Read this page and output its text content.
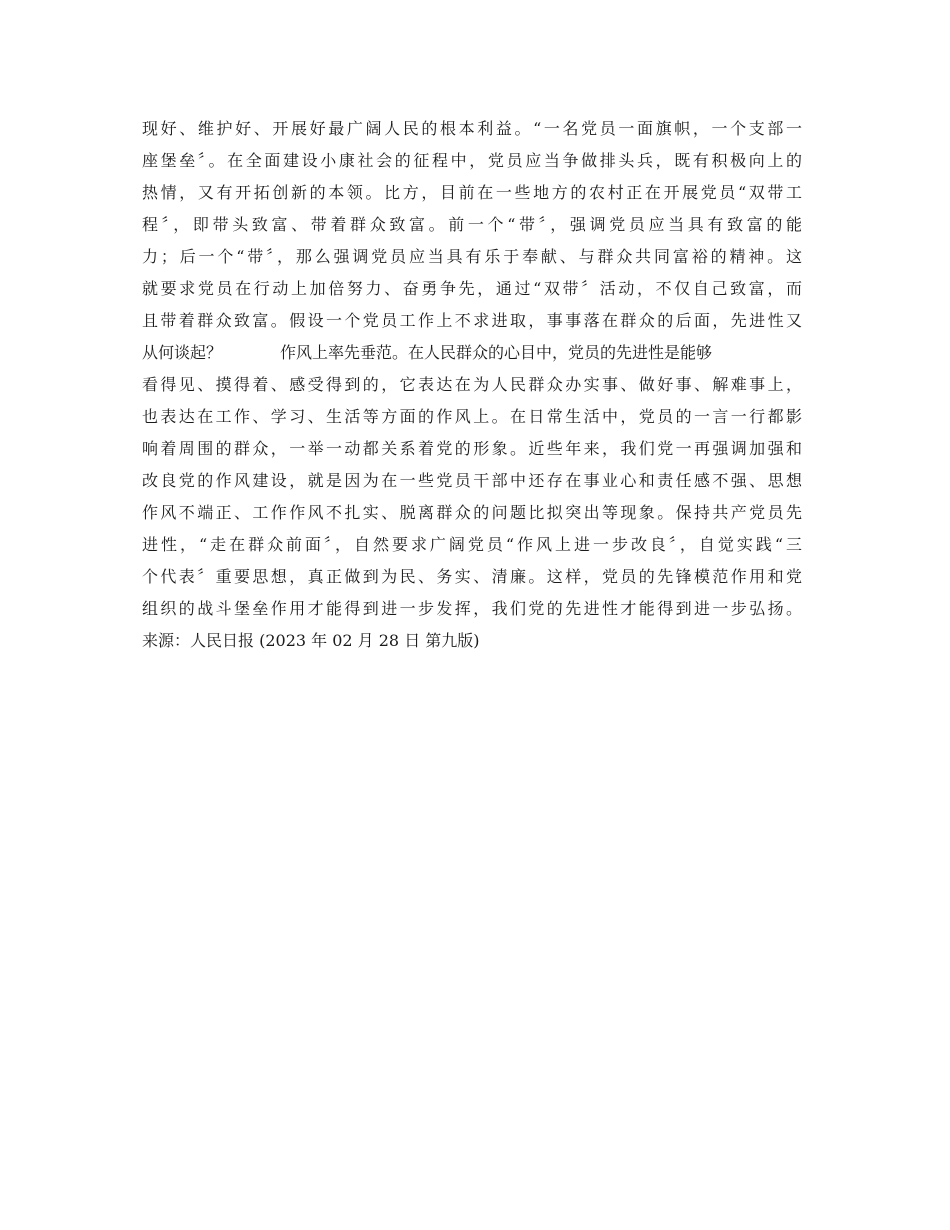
现好、维护好、开展好最广阔人民的根本利益。“一名党员一面旗帜，一个支部一
座堡垒〞。在全面建设小康社会的征程中，党员应当争做排头兵，既有积极向上的
热情，又有开拓创新的本领。比方，目前在一些地方的农村正在开展党员“双带工
程〞，即带头致富、带着群众致富。前一个“带〞，强调党员应当具有致富的能
力；后一个“带〞，那么强调党员应当具有乐于奉献、与群众共同富裕的精神。这
就要求党员在行动上加倍努力、奋勇争先，通过“双带〞活动，不仅自己致富，而
且带着群众致富。假设一个党员工作上不求进取，事事落在群众的后面，先进性又
从何谈起？	作风上率先垂范。在人民群众的心目中，党员的先进性是能够
看得见、摸得着、感受得到的，它表达在为人民群众办实事、做好事、解难事上，
也表达在工作、学习、生活等方面的作风上。在日常生活中，党员的一言一行都影
响着周围的群众，一举一动都关系着党的形象。近些年来，我们党一再强调加强和
改良党的作风建设，就是因为在一些党员干部中还存在事业心和责任感不强、思想
作风不端正、工作作风不扎实、脱离群众的问题比拟突出等现象。保持共产党员先
进性，“走在群众前面〞，自然要求广阔党员“作风上进一步改良〞，自觉实践“三
个代表〞重要思想，真正做到为民、务实、清廉。这样，党员的先锋模范作用和党
组织的战斗堡垒作用才能得到进一步发挥，我们党的先进性才能得到进一步弘扬。
来源：人民日报 (2023 年 02 月 28 日 第九版)
